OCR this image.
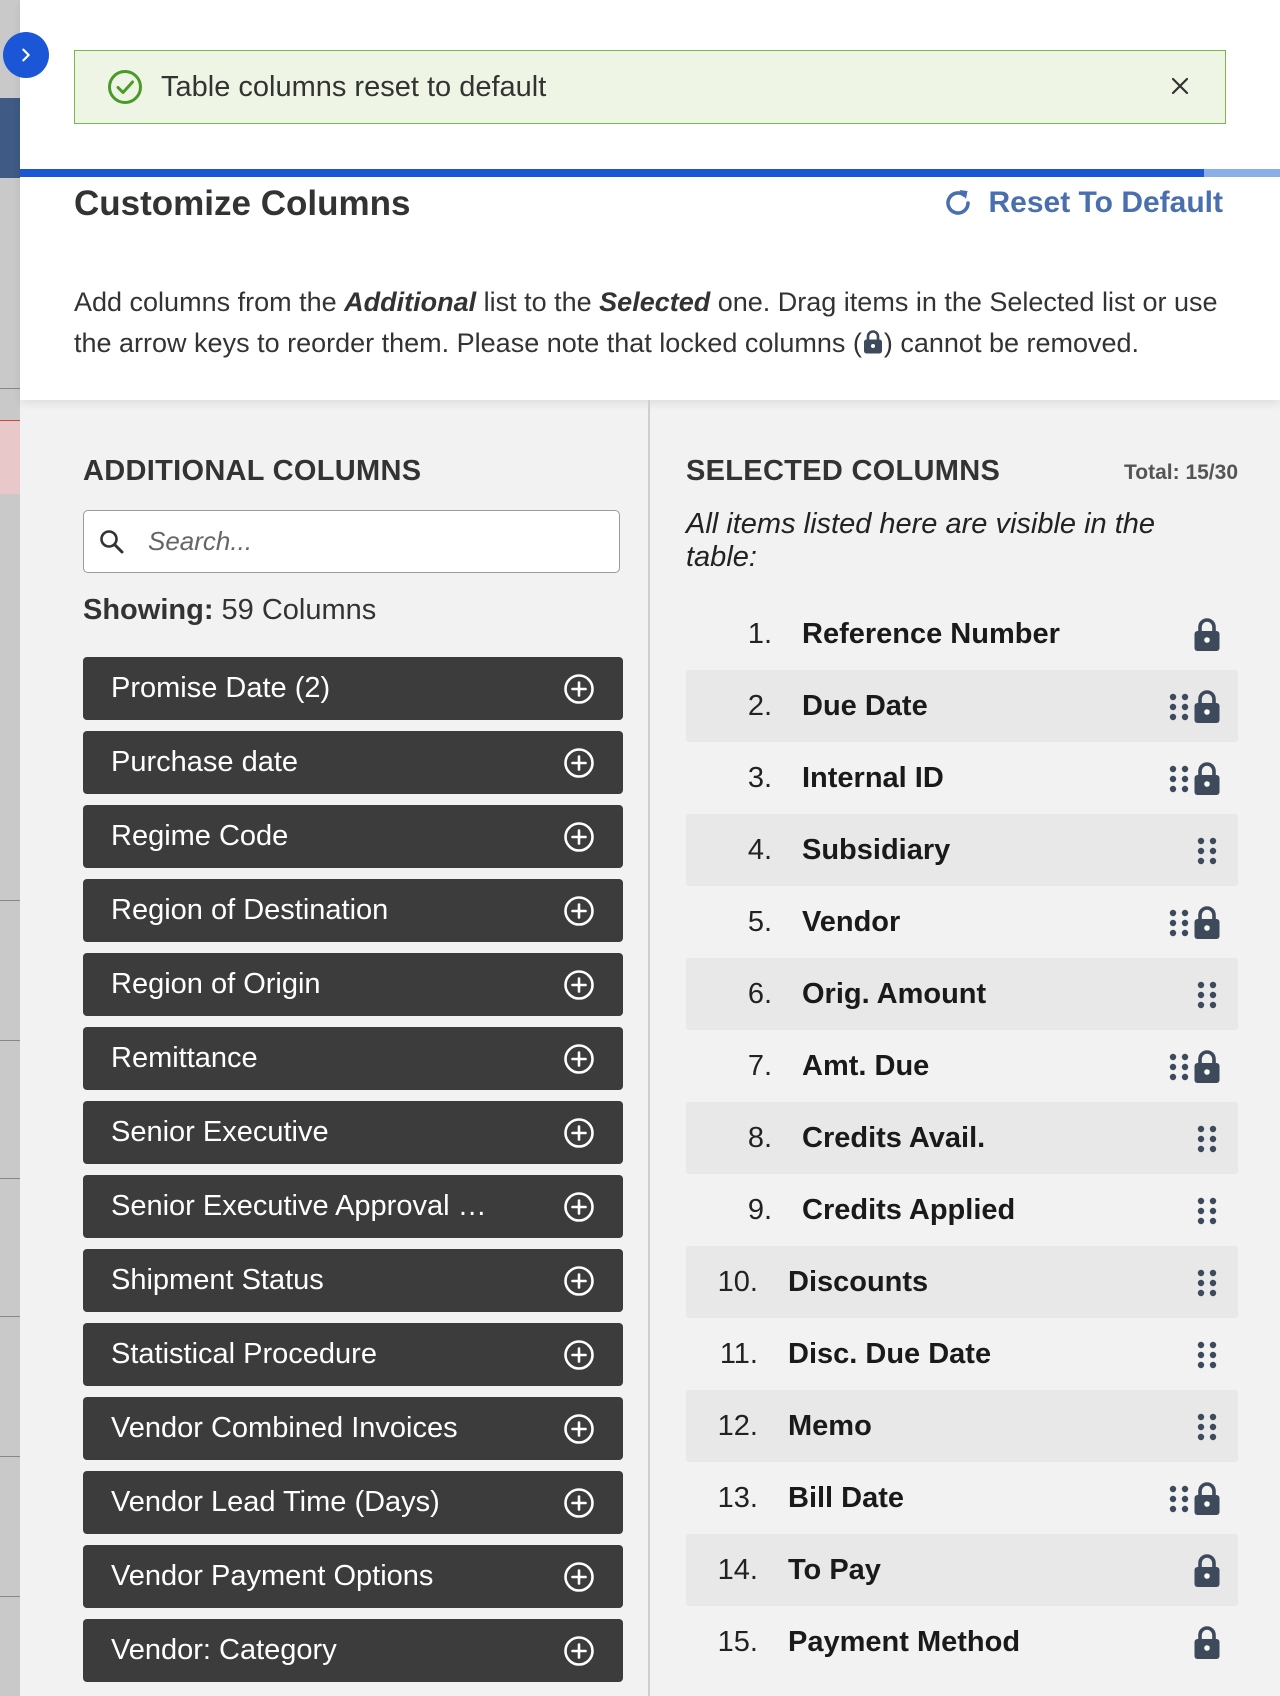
Table columns reset to default
Customize Columns	Reset To Default
Add columns from the Additional list to the Selected one. Drag items in the Selected list or use the arrow keys to reorder them. Please note that locked columns ( ) cannot be removed.
ADDITIONAL COLUMNS
Search...
Showing: 59 Columns
Promise Date (2)
Purchase date
Regime Code
Region of Destination
Region of Origin
Remittance
Senior Executive
Senior Executive Approval …
Shipment Status
Statistical Procedure
Vendor Combined Invoices
Vendor Lead Time (Days)
Vendor Payment Options
Vendor: Category
SELECTED COLUMNS	Total: 15/30
All items listed here are visible in the table:
1. Reference Number
2. Due Date
3. Internal ID
4. Subsidiary
5. Vendor
6. Orig. Amount
7. Amt. Due
8. Credits Avail.
9. Credits Applied
10. Discounts
11. Disc. Due Date
12. Memo
13. Bill Date
14. To Pay
15. Payment Method
